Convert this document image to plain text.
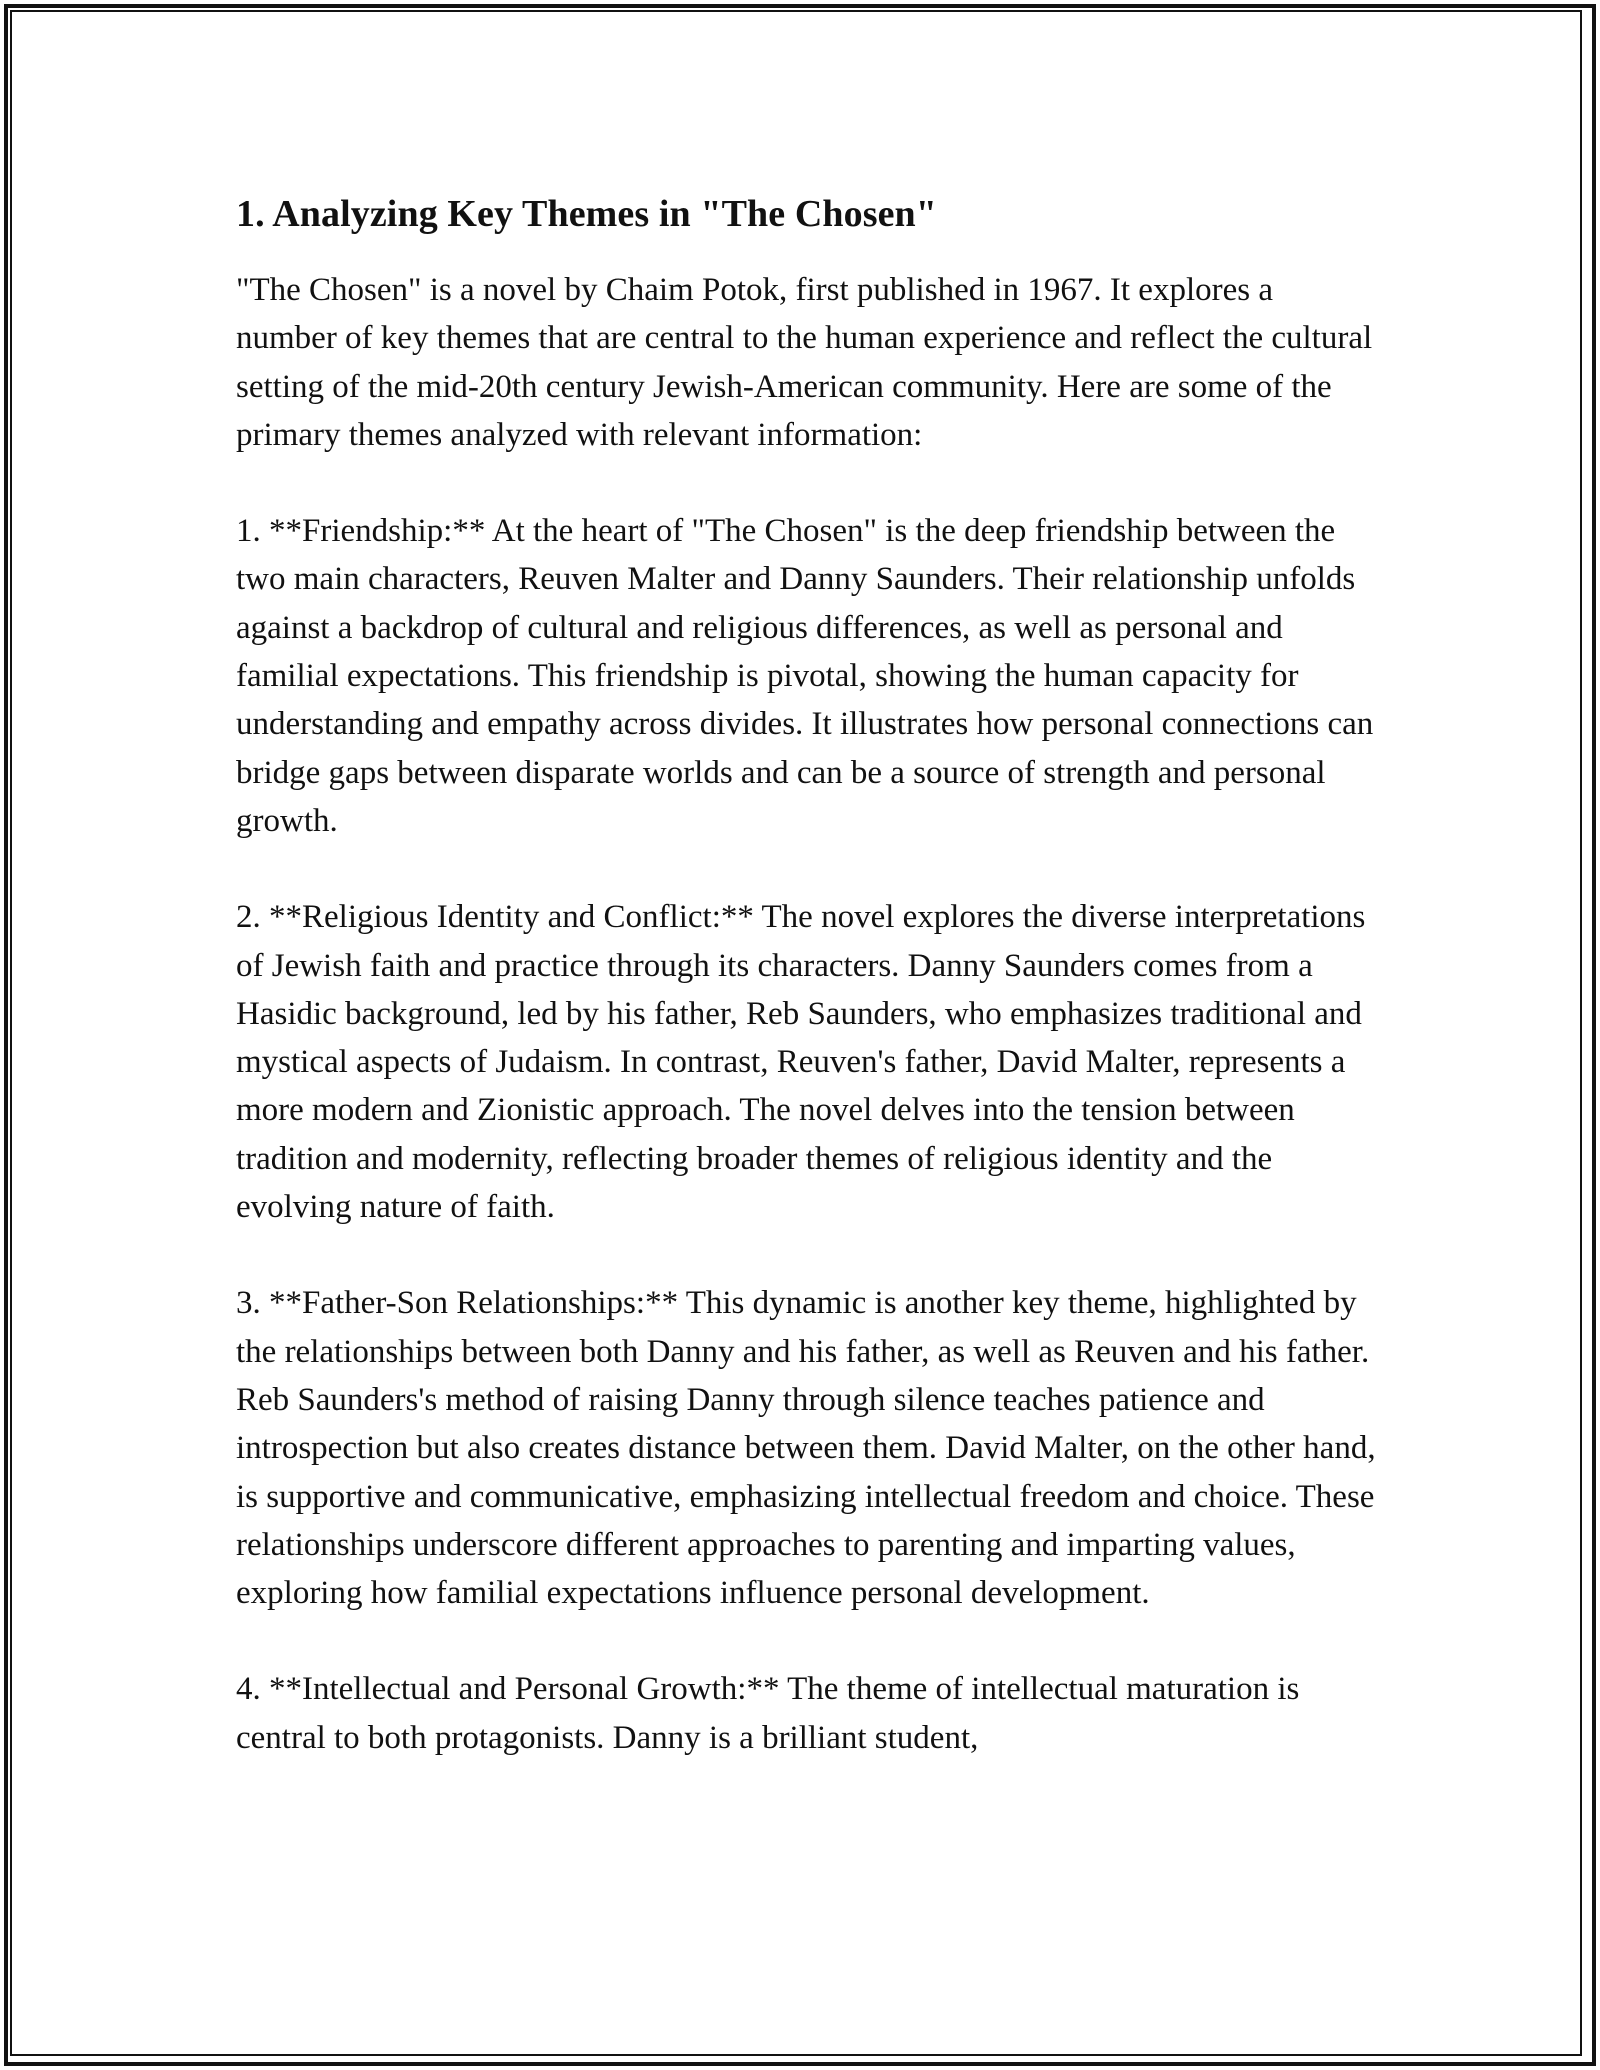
1. Analyzing Key Themes in "The Chosen"

"The Chosen" is a novel by Chaim Potok, first published in 1967. It explores a number of key themes that are central to the human experience and reflect the cultural setting of the mid-20th century Jewish-American community. Here are some of the primary themes analyzed with relevant information:

1. **Friendship:** At the heart of "The Chosen" is the deep friendship between the two main characters, Reuven Malter and Danny Saunders. Their relationship unfolds against a backdrop of cultural and religious differences, as well as personal and familial expectations. This friendship is pivotal, showing the human capacity for understanding and empathy across divides. It illustrates how personal connections can bridge gaps between disparate worlds and can be a source of strength and personal growth.

2. **Religious Identity and Conflict:** The novel explores the diverse interpretations of Jewish faith and practice through its characters. Danny Saunders comes from a Hasidic background, led by his father, Reb Saunders, who emphasizes traditional and mystical aspects of Judaism. In contrast, Reuven's father, David Malter, represents a more modern and Zionistic approach. The novel delves into the tension between tradition and modernity, reflecting broader themes of religious identity and the evolving nature of faith.

3. **Father-Son Relationships:** This dynamic is another key theme, highlighted by the relationships between both Danny and his father, as well as Reuven and his father. Reb Saunders's method of raising Danny through silence teaches patience and introspection but also creates distance between them. David Malter, on the other hand, is supportive and communicative, emphasizing intellectual freedom and choice. These relationships underscore different approaches to parenting and imparting values, exploring how familial expectations influence personal development.

4. **Intellectual and Personal Growth:** The theme of intellectual maturation is central to both protagonists. Danny is a brilliant student,
